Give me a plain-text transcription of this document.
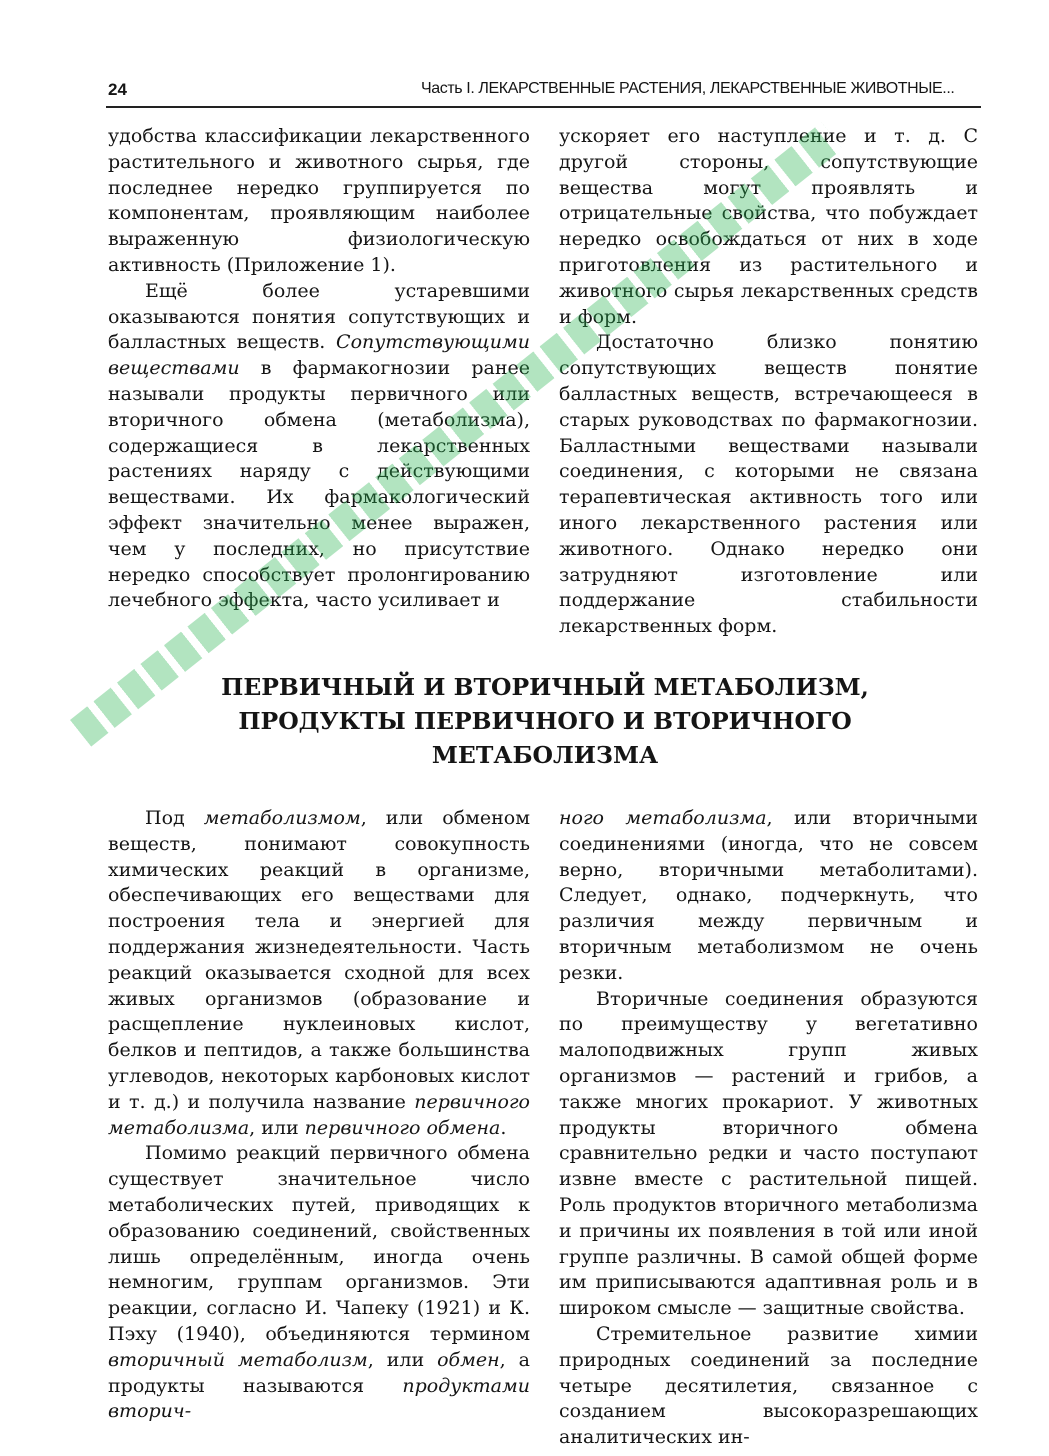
24	Часть I. ЛЕКАРСТВЕННЫЕ РАСТЕНИЯ, ЛЕКАРСТВЕННЫЕ ЖИВОТНЫЕ...

удобства классификации лекарственного растительного и животного сырья, где последнее нередко группируется по компонентам, проявляющим наиболее выраженную физиологическую активность (Приложение 1).

Ещё более устаревшими оказываются понятия сопутствующих и балластных веществ. Сопутствующими веществами в фармакогнозии ранее называли продукты первичного или вторичного обмена (метаболизма), содержащиеся в лекарственных растениях наряду с действующими веществами. Их фармакологический эффект значительно менее выражен, чем у последних, но присутствие нередко способствует пролонгированию лечебного эффекта, часто усиливает и

ускоряет его наступление и т. д. С другой стороны, сопутствующие вещества могут проявлять и отрицательные свойства, что побуждает нередко освобождаться от них в ходе приготовления из растительного и животного сырья лекарственных средств и форм.

Достаточно близко понятию сопутствующих веществ понятие балластных веществ, встречающееся в старых руководствах по фармакогнозии. Балластными веществами называли соединения, с которыми не связана терапевтическая активность того или иного лекарственного растения или животного. Однако нередко они затрудняют изготовление или поддержание стабильности лекарственных форм.

ПЕРВИЧНЫЙ И ВТОРИЧНЫЙ МЕТАБОЛИЗМ,
ПРОДУКТЫ ПЕРВИЧНОГО И ВТОРИЧНОГО
МЕТАБОЛИЗМА

Под метаболизмом, или обменом веществ, понимают совокупность химических реакций в организме, обеспечивающих его веществами для построения тела и энергией для поддержания жизнедеятельности. Часть реакций оказывается сходной для всех живых организмов (образование и расщепление нуклеиновых кислот, белков и пептидов, а также большинства углеводов, некоторых карбоновых кислот и т. д.) и получила название первичного метаболизма, или первичного обмена.

Помимо реакций первичного обмена существует значительное число метаболических путей, приводящих к образованию соединений, свойственных лишь определённым, иногда очень немногим, группам организмов. Эти реакции, согласно И. Чапеку (1921) и К. Пэху (1940), объединяются термином вторичный метаболизм, или обмен, а продукты называются продуктами вторич-

ного метаболизма, или вторичными соединениями (иногда, что не совсем верно, вторичными метаболитами). Следует, однако, подчеркнуть, что различия между первичным и вторичным метаболизмом не очень резки.

Вторичные соединения образуются по преимуществу у вегетативно малоподвижных групп живых организмов — растений и грибов, а также многих прокариот. У животных продукты вторичного обмена сравнительно редки и часто поступают извне вместе с растительной пищей. Роль продуктов вторичного метаболизма и причины их появления в той или иной группе различны. В самой общей форме им приписываются адаптивная роль и в широком смысле — защитные свойства.

Стремительное развитие химии природных соединений за последние четыре десятилетия, связанное с созданием высокоразрешающих аналитических ин-
